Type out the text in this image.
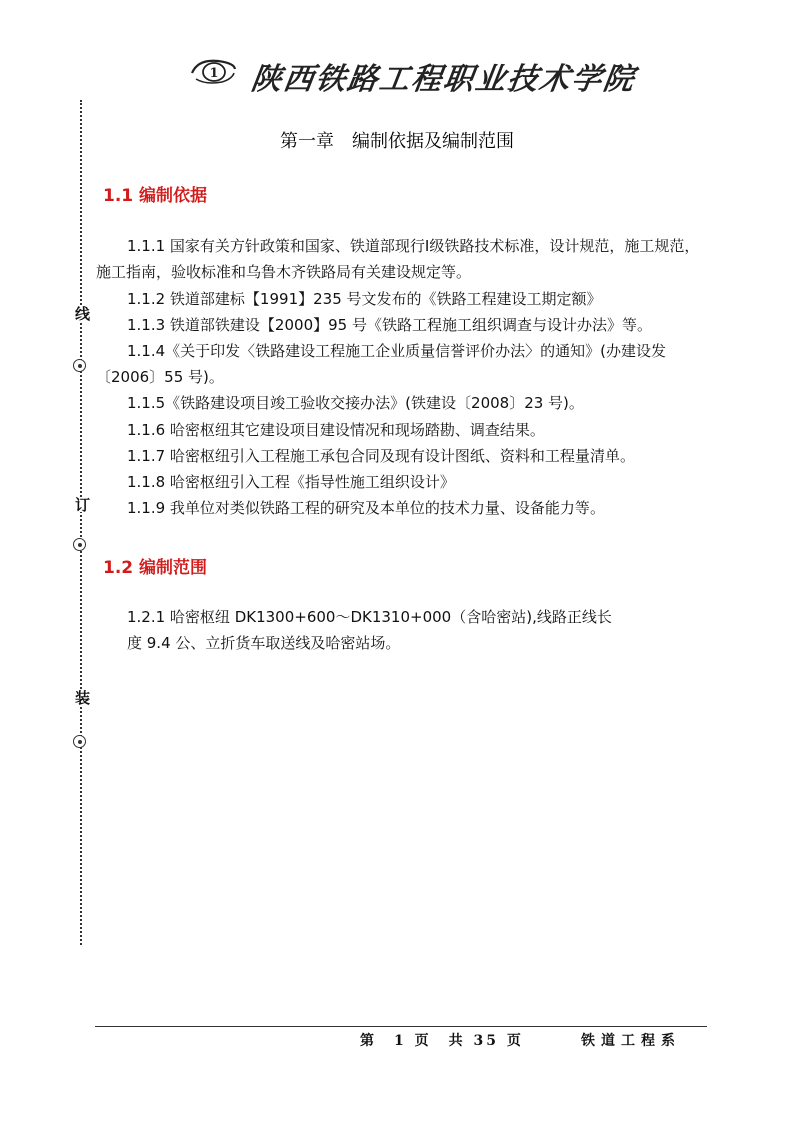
1 陕西铁路工程职业技术学院
线
订
装
第一章　编制依据及编制范围
1.1 编制依据
1.1.1 国家有关方针政策和国家、铁道部现行Ⅰ级铁路技术标准，设计规范，施工规范，施工指南，验收标准和乌鲁木齐铁路局有关建设规定等。
1.1.2 铁道部建标【1991】235 号文发布的《铁路工程建设工期定额》
1.1.3 铁道部铁建设【2000】95 号《铁路工程施工组织调查与设计办法》等。
1.1.4《关于印发〈铁路建设工程施工企业质量信誉评价办法〉的通知》(办建设发〔2006〕55 号)。
1.1.5《铁路建设项目竣工验收交接办法》(铁建设〔2008〕23 号)。
1.1.6 哈密枢纽其它建设项目建设情况和现场踏勘、调查结果。
1.1.7 哈密枢纽引入工程施工承包合同及现有设计图纸、资料和工程量清单。
1.1.8 哈密枢纽引入工程《指导性施工组织设计》
1.1.9 我单位对类似铁路工程的研究及本单位的技术力量、设备能力等。
1.2 编制范围
1.2.1 哈密枢纽 DK1300+600～DK1310+000（含哈密站),线路正线长
度 9.4 公、立折货车取送线及哈密站场。
第　1 页　共 35 页	铁道工程系
